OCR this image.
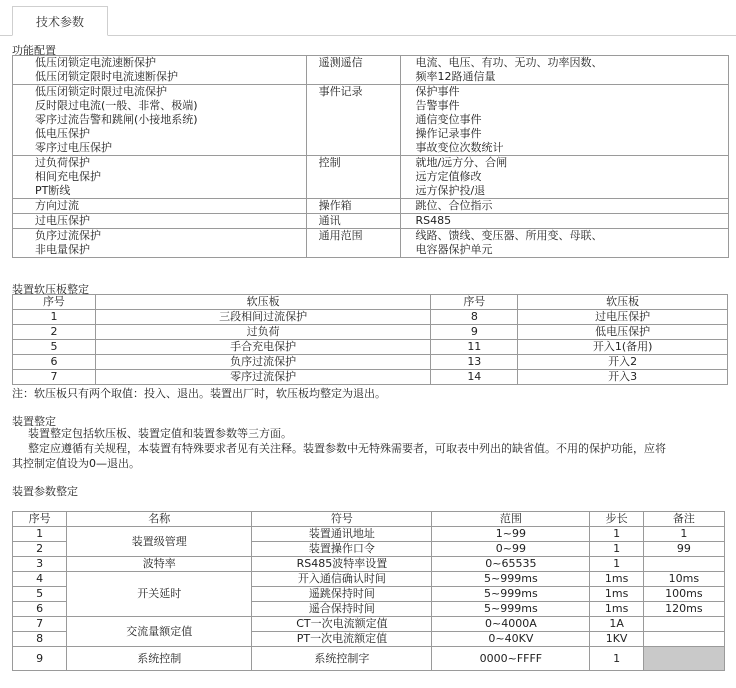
技术参数
功能配置
低压闭锁定电流速断保护
低压闭锁定限时电流速断保护	遥测遥信	电流、电压、有功、无功、功率因数、
频率12路通信量

低压闭锁定时限过电流保护
反时限过电流(一般、非常、极端)
零序过流告警和跳闸(小接地系统)
低电压保护
零序过电压保护	事件记录	保护事件
告警事件
通信变位事件
操作记录事件
事故变位次数统计

过负荷保护
相间充电保护
PT断线	控制	就地/远方分、合闸
远方定值修改
远方保护投/退

方向过流	操作箱	跳位、合位指示

过电压保护	通讯	RS485

负序过流保护
非电量保护	通用范围	线路、馈线、变压器、所用变、母联、
电容器保护单元
装置软压板整定
序号	软压板	序号	软压板
1	三段相间过流保护	8	过电压保护
2	过负荷	9	低电压保护
5	手合充电保护	11	开入1(备用)
6	负序过流保护	13	开入2
7	零序过流保护	14	开入3
注：软压板只有两个取值：投入、退出。装置出厂时，软压板均整定为退出。
装置整定

装置整定包括软压板、装置定值和装置参数等三方面。

整定应遵循有关规程，本装置有特殊要求者见有关注释。装置参数中无特殊需要者，可取表中列出的缺省值。不用的保护功能，应将

其控制定值设为0—退出。

装置参数整定
序号	名称	符号	范围	步长	备注
1	装置级管理	装置通讯地址	1~99	1	1
2		装置操作口令	0~99	1	99
3	波特率	RS485波特率设置	0~65535	1	
4	开关延时	开入通信确认时间	5~999ms	1ms	10ms
5		遥跳保持时间	5~999ms	1ms	100ms
6		遥合保持时间	5~999ms	1ms	120ms
7	交流量额定值	CT一次电流额定值	0~4000A	1A	
8		PT一次电流额定值	0~40KV	1KV	
9	系统控制	系统控制字	0000~FFFF	1	
